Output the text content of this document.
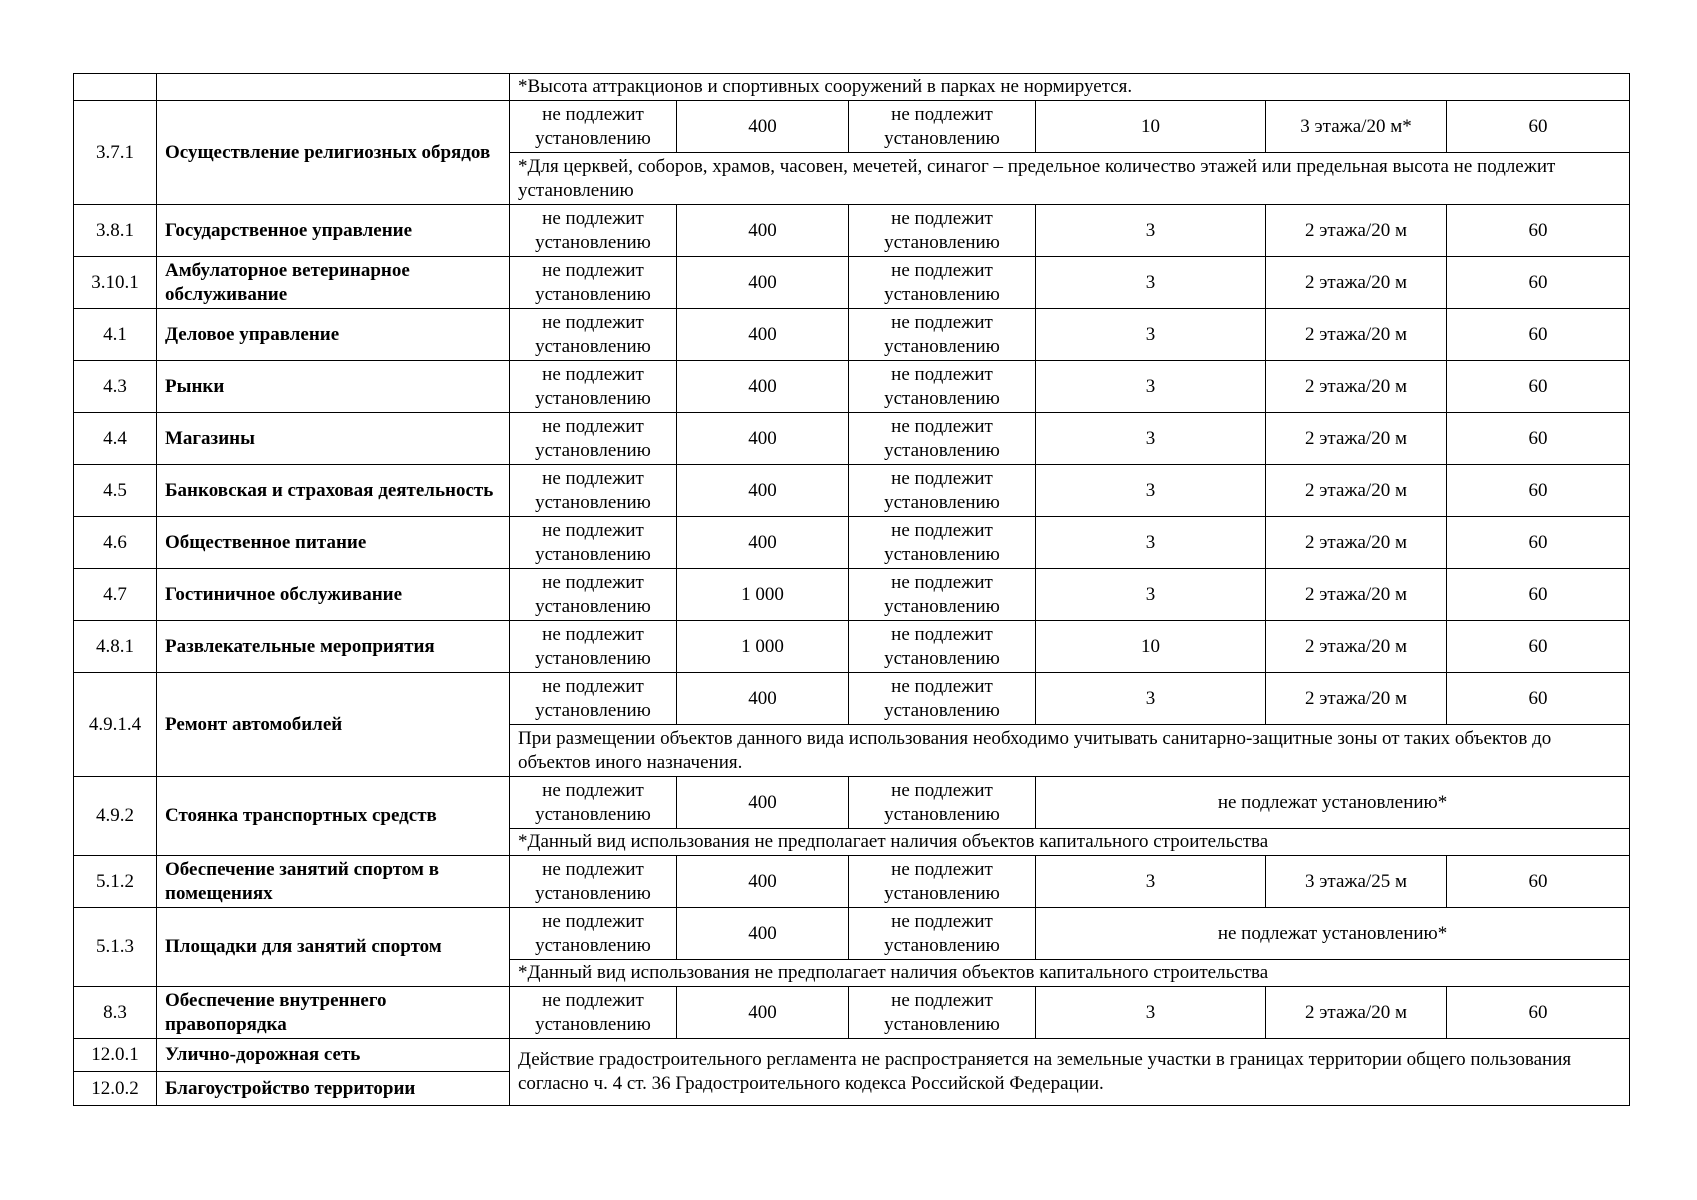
		*Высота аттракционов и спортивных сооружений в парках не нормируется.					
3.7.1	Осуществление религиозных обрядов	не подлежит установлению	400	не подлежит установлению	10	3 этажа/20 м*	60
		*Для церквей, соборов, храмов, часовен, мечетей, синагог – предельное количество этажей или предельная высота не подлежит установлению					
3.8.1	Государственное управление	не подлежит установлению	400	не подлежит установлению	3	2 этажа/20 м	60
3.10.1	Амбулаторное ветеринарное обслуживание	не подлежит установлению	400	не подлежит установлению	3	2 этажа/20 м	60
4.1	Деловое управление	не подлежит установлению	400	не подлежит установлению	3	2 этажа/20 м	60
4.3	Рынки	не подлежит установлению	400	не подлежит установлению	3	2 этажа/20 м	60
4.4	Магазины	не подлежит установлению	400	не подлежит установлению	3	2 этажа/20 м	60
4.5	Банковская и страховая деятельность	не подлежит установлению	400	не подлежит установлению	3	2 этажа/20 м	60
4.6	Общественное питание	не подлежит установлению	400	не подлежит установлению	3	2 этажа/20 м	60
4.7	Гостиничное обслуживание	не подлежит установлению	1 000	не подлежит установлению	3	2 этажа/20 м	60
4.8.1	Развлекательные мероприятия	не подлежит установлению	1 000	не подлежит установлению	10	2 этажа/20 м	60
4.9.1.4	Ремонт автомобилей	не подлежит установлению	400	не подлежит установлению	3	2 этажа/20 м	60
		При размещении объектов данного вида использования необходимо учитывать санитарно-защитные зоны от таких объектов до объектов иного назначения.					
4.9.2	Стоянка транспортных средств	не подлежит установлению	400	не подлежит установлению	не подлежат установлению*		
		*Данный вид использования не предполагает наличия объектов капитального строительства					
5.1.2	Обеспечение занятий спортом в помещениях	не подлежит установлению	400	не подлежит установлению	3	3 этажа/25 м	60
5.1.3	Площадки для занятий спортом	не подлежит установлению	400	не подлежит установлению	не подлежат установлению*		
		*Данный вид использования не предполагает наличия объектов капитального строительства					
8.3	Обеспечение внутреннего правопорядка	не подлежит установлению	400	не подлежит установлению	3	2 этажа/20 м	60
12.0.1	Улично-дорожная сеть	Действие градостроительного регламента не распространяется на земельные участки в границах территории общего пользования согласно ч. 4 ст. 36 Градостроительного кодекса Российской Федерации.					
12.0.2	Благоустройство территории						
